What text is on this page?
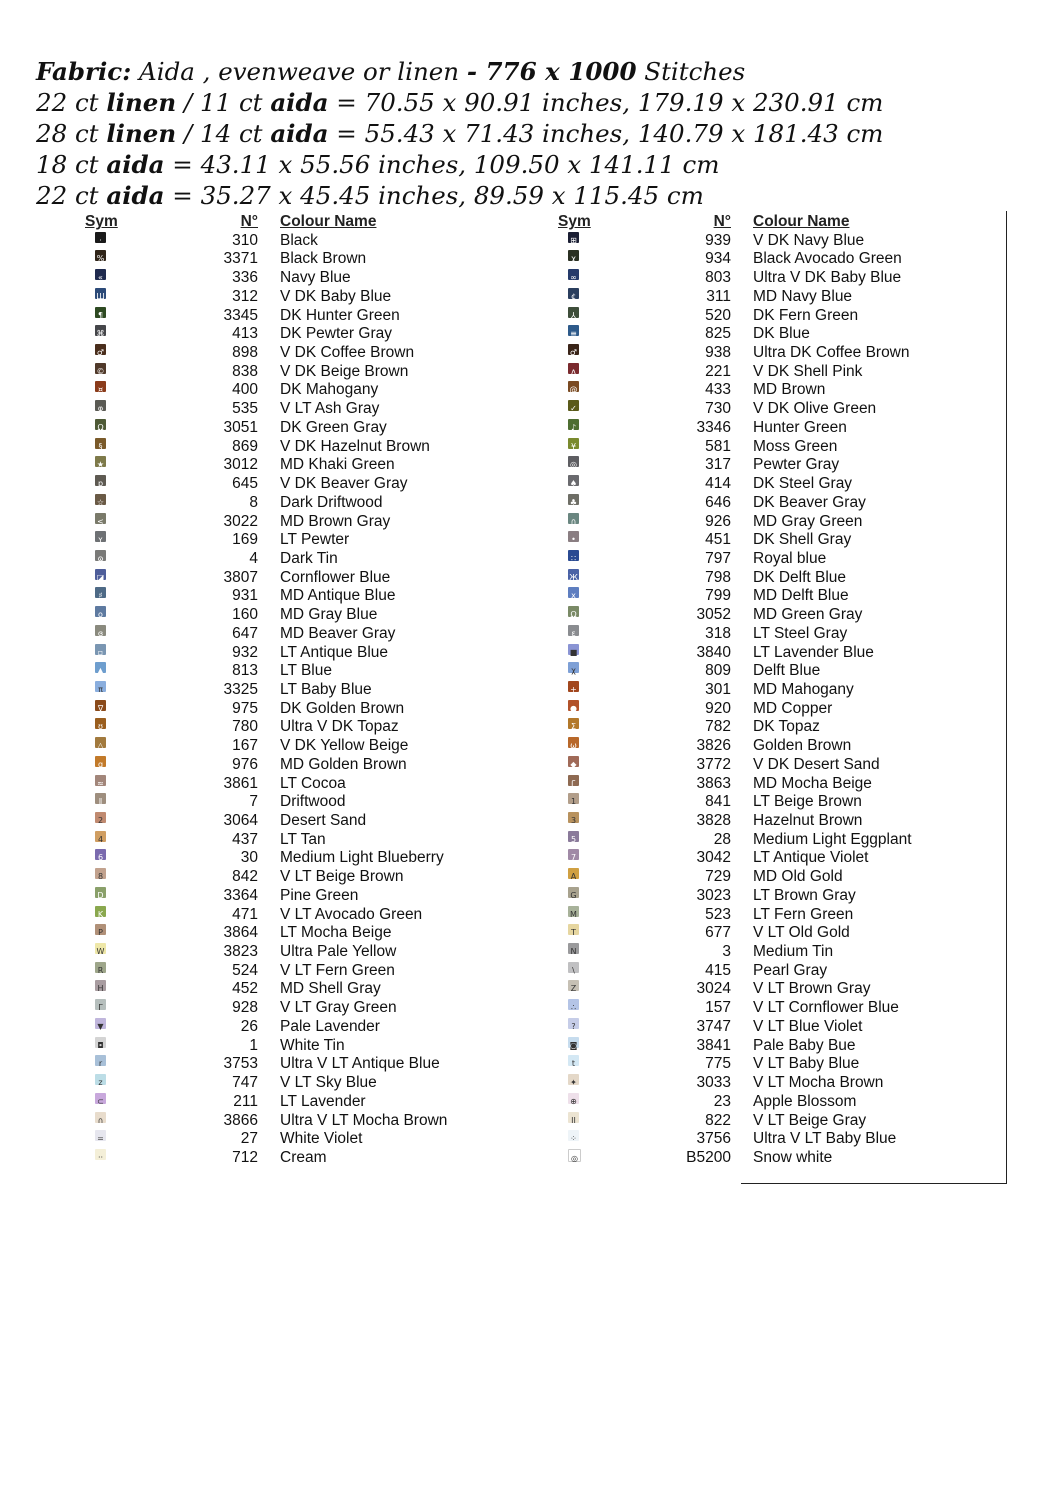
Fabric: Aida , evenweave or linen - 776 x 1000 Stitches
22 ct linen / 11 ct aida = 70.55 x 90.91 inches, 179.19 x 230.91 cm
28 ct linen / 14 ct aida = 55.43 x 71.43 inches, 140.79 x 181.43 cm
18 ct aida = 43.11 x 55.56 inches, 109.50 x 141.11 cm
22 ct aida = 35.27 x 45.45 inches, 89.59 x 115.45 cm
Sym	N° Colour Name
·	310 Black
%	3371 Black Brown
«	336 Navy Blue
Ш	312 V DK Baby Blue
¶	3345 DK Hunter Green
⌘	413 DK Pewter Gray
♂	898 V DK Coffee Brown
©	838 V DK Beige Brown
¤	400 DK Mahogany
φ	535 V LT Ash Gray
Ω	3051 DK Green Gray
§	869 V DK Hazelnut Brown
★	3012 MD Khaki Green
ɒ	645 V DK Beaver Gray
☆	8 Dark Driftwood
<	3022 MD Brown Gray
ʏ	169 LT Pewter
ɷ	4 Dark Tin
◪	3807 Cornflower Blue
♯	931 MD Antique Blue
ο	160 MD Gray Blue
ɞ	647 MD Beaver Gray
▫	932 LT Antique Blue
▲	813 LT Blue
π	3325 LT Baby Blue
∇	975 DK Golden Brown
ʊ	780 Ultra V DK Topaz
△	167 V DK Yellow Beige
g	976 MD Golden Brown
≈	3861 LT Cocoa
∥	7 Driftwood
2	3064 Desert Sand
4	437 LT Tan
6	30 Medium Light Blueberry
8	842 V LT Beige Brown
D	3364 Pine Green
K	471 V LT Avocado Green
P	3864 LT Mocha Beige
W	3823 Ultra Pale Yellow
R	524 V LT Fern Green
H	452 MD Shell Gray
Γ	928 V LT Gray Green
▼	26 Pale Lavender
◘	1 White Tin
r	3753 Ultra V LT Antique Blue
z	747 V LT Sky Blue
⊂	211 LT Lavender
∩	3866 Ultra V LT Mocha Brown
=	27 White Violet
··	712 Cream
Sym	N° Colour Name
⊞	939 V DK Navy Blue
χ	934 Black Avocado Green
∞	803 Ultra V DK Baby Blue
¢	311 MD Navy Blue
⅄	520 DK Fern Green
≡	825 DK Blue
♂	938 Ultra DK Coffee Brown
ʌ	221 V DK Shell Pink
@	433 MD Brown
✓	730 V DK Olive Green
♪	3346 Hunter Green
¥	581 Moss Green
◎	317 Pewter Gray
♠	414 DK Steel Gray
♣	646 DK Beaver Gray
∩	926 MD Gray Green
•	451 DK Shell Gray
∷	797 Royal blue
Ж	798 DK Delft Blue
x	799 MD Delft Blue
Ω	3052 MD Green Gray
ε	318 LT Steel Gray
■	3840 LT Lavender Blue
χ	809 Delft Blue
+	301 MD Mahogany
●	920 MD Copper
Σ	782 DK Topaz
ω	3826 Golden Brown
◆	3772 V DK Desert Sand
ʗ	3863 MD Mocha Beige
1	841 LT Beige Brown
3	3828 Hazelnut Brown
5	28 Medium Light Eggplant
7	3042 LT Antique Violet
A	729 MD Old Gold
G	3023 LT Brown Gray
M	523 LT Fern Green
T	677 V LT Old Gold
N	3 Medium Tin
\	415 Pearl Gray
Z	3024 V LT Brown Gray
∴	157 V LT Cornflower Blue
?	3747 V LT Blue Violet
◙	3841 Pale Baby Bue
t	775 V LT Baby Blue
✦	3033 V LT Mocha Brown
⊕	23 Apple Blossom
II	822 V LT Beige Gray
⁘	3756 Ultra V LT Baby Blue
◎	B5200 Snow white
